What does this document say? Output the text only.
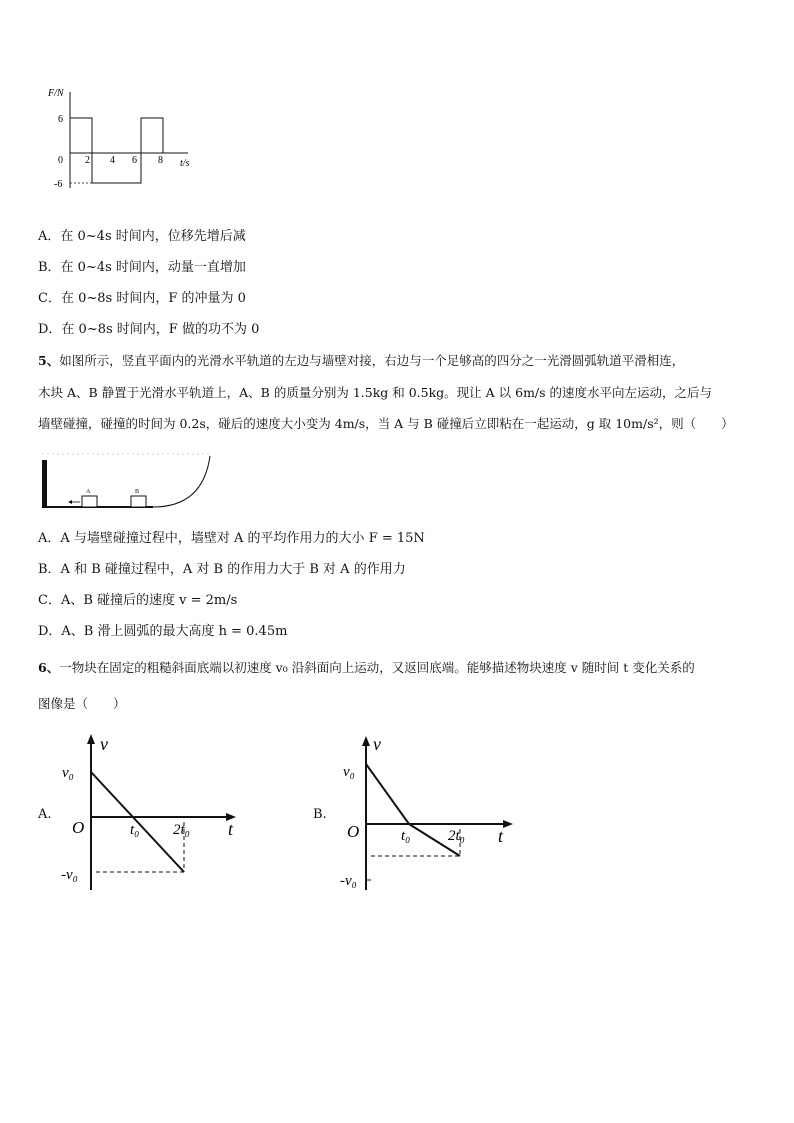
F/N
t/s
6
-6
0 2 4 6 8
A．在 0~4s 时间内，位移先增后减
B．在 0~4s 时间内，动量一直增加
C．在 0~8s 时间内，F 的冲量为 0
D．在 0~8s 时间内，F 做的功不为 0
5、如图所示，竖直平面内的光滑水平轨道的左边与墙壁对接，右边与一个足够高的四分之一光滑圆弧轨道平滑相连，
木块 A、B 静置于光滑水平轨道上，A、B 的质量分别为 1.5kg 和 0.5kg。现让 A 以 6m/s 的速度水平向左运动，之后与
墙壁碰撞，碰撞的时间为 0.2s，碰后的速度大小变为 4m/s，当 A 与 B 碰撞后立即粘在一起运动，g 取 10m/s²，则（　　）
A	B
A．A 与墙壁碰撞过程中，墙壁对 A 的平均作用力的大小 F = 15N
B．A 和 B 碰撞过程中，A 对 B 的作用力大于 B 对 A 的作用力
C．A、B 碰撞后的速度 v = 2m/s
D．A、B 滑上圆弧的最大高度 h = 0.45m
6、一物块在固定的粗糙斜面底端以初速度 v₀ 沿斜面向上运动，又返回底端。能够描述物块速度 v 随时间 t 变化关系的
图像是（　　）
A.
v
v₀
-v₀
O	t₀ 2t₀ t
B.
v
v₀
-v₀
O	t₀	2t₀ t
